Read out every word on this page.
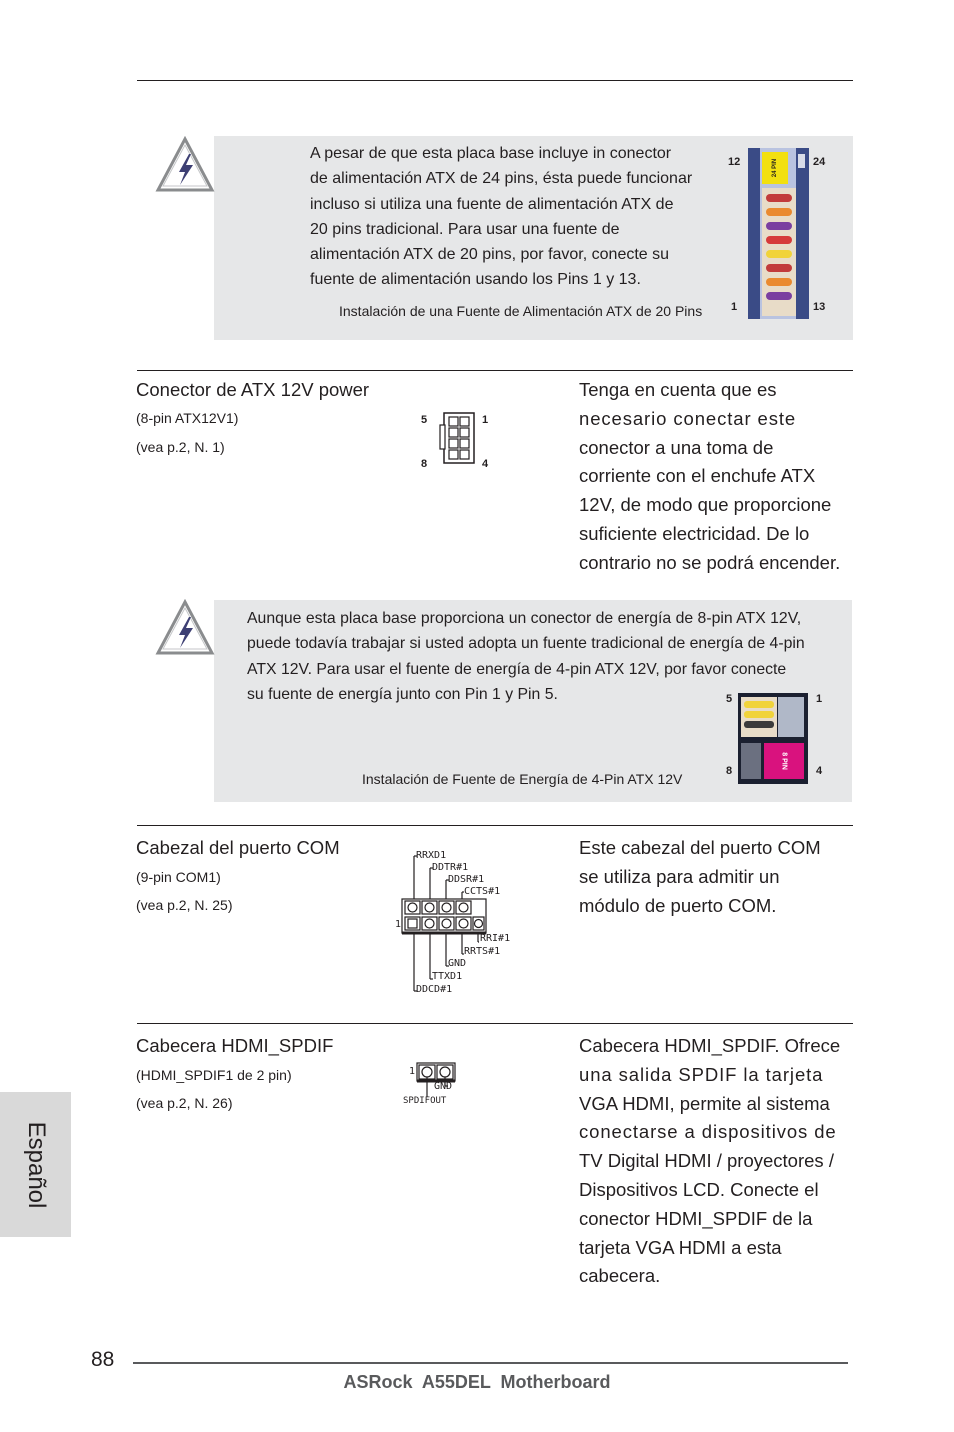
A pesar de que esta placa base incluye in conector
de alimentación ATX de 24 pins, ésta puede funcionar
incluso si utiliza una fuente de alimentación ATX de
20 pins tradicional. Para usar una fuente de
alimentación ATX de 20 pins, por favor, conecte su
fuente de alimentación usando los Pins 1 y 13.
Instalación de una Fuente de Alimentación ATX de 20 Pins
12	24
1	13
24 PIN
Conector de ATX 12V power
(8-pin ATX12V1)
(vea p.2, N. 1)
5	1
8	4
Tenga en cuenta que es
necesario conectar este
conector a una toma de
corriente con el enchufe ATX
12V, de modo que proporcione
suficiente electricidad. De lo
contrario no se podrá encender.
Aunque esta placa base proporciona un conector de energía de 8-pin ATX 12V,
puede todavía trabajar si usted adopta un fuente tradicional de energía de 4-pin
ATX 12V. Para usar el fuente de energía de 4-pin ATX 12V, por favor conecte
su fuente de energía junto con Pin 1 y Pin 5.
Instalación de Fuente de Energía de 4-Pin ATX 12V
5	1
8	4
8 PIN
Cabezal del puerto COM
(9-pin COM1)
(vea p.2, N. 25)
1
RRXD1
DDTR#1
DDSR#1
CCTS#1
RRI#1
RRTS#1
GND
TTXD1
DDCD#1
Este cabezal del puerto COM
se utiliza para admitir un
módulo de puerto COM.
Cabecera HDMI_SPDIF
(HDMI_SPDIF1 de 2 pin)
(vea p.2, N. 26)
1
GND
SPDIFOUT
Cabecera HDMI_SPDIF. Ofrece
una salida SPDIF la tarjeta
VGA HDMI, permite al sistema
conectarse a dispositivos de
TV Digital HDMI / proyectores /
Dispositivos LCD. Conecte el
conector HDMI_SPDIF de la
tarjeta VGA HDMI a esta
cabecera.
Español
88
ASRock  A55DEL  Motherboard
